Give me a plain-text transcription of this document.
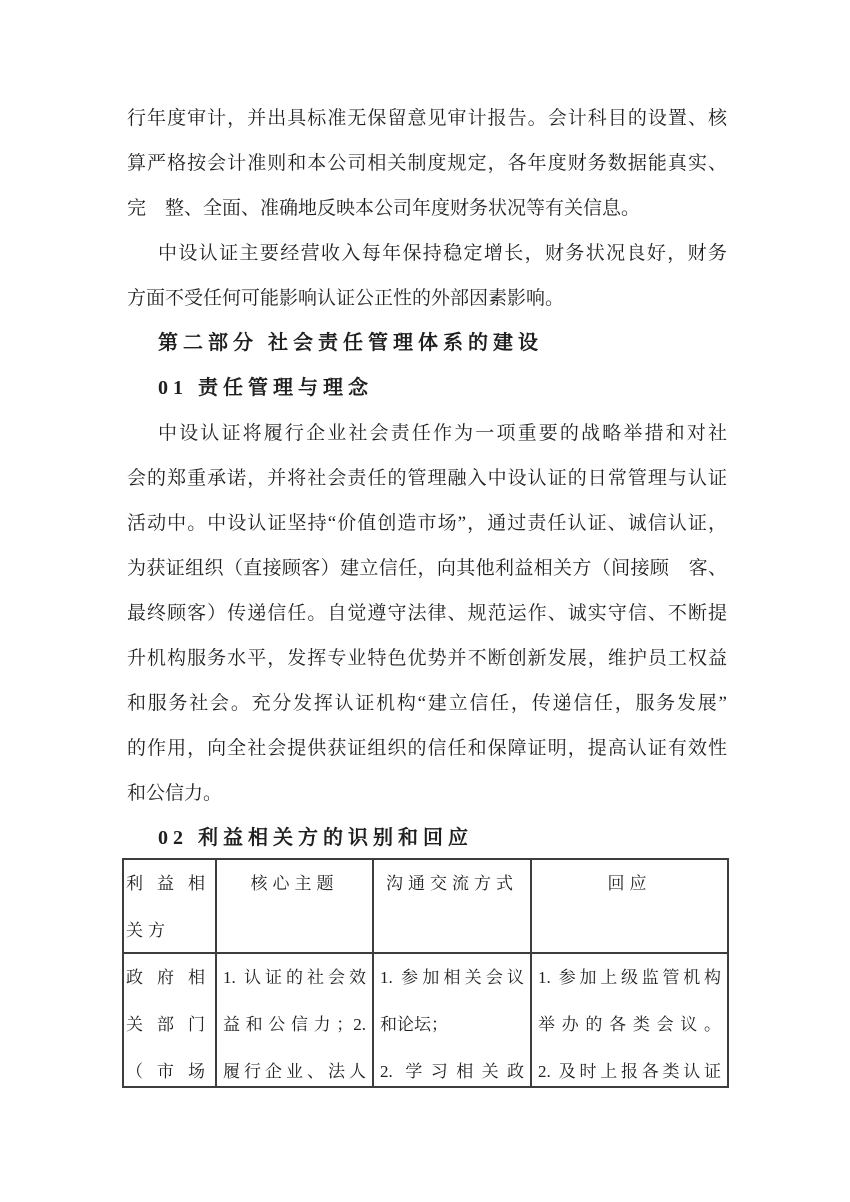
行年度审计，并出具标准无保留意见审计报告。会计科目的设置、核
算严格按会计准则和本公司相关制度规定，各年度财务数据能真实、
完　整、全面、准确地反映本公司年度财务状况等有关信息。
中设认证主要经营收入每年保持稳定增长，财务状况良好，财务
方面不受任何可能影响认证公正性的外部因素影响。
第二部分 社会责任管理体系的建设
01 责任管理与理念
中设认证将履行企业社会责任作为一项重要的战略举措和对社
会的郑重承诺，并将社会责任的管理融入中设认证的日常管理与认证
活动中。中设认证坚持“价值创造市场”，通过责任认证、诚信认证，
为获证组织（直接顾客）建立信任，向其他利益相关方（间接顾　客、
最终顾客）传递信任。自觉遵守法律、规范运作、诚实守信、不断提
升机构服务水平，发挥专业特色优势并不断创新发展，维护员工权益
和服务社会。充分发挥认证机构“建立信任，传递信任，服务发展”
的作用，向全社会提供获证组织的信任和保障证明，提高认证有效性
和公信力。
02 利益相关方的识别和回应
利益相
关方
核心主题	沟通交流方式	回应
政府相
关部门
（市场
1. 认证的社会效
益和公信力；2.
履行企业、法人
1. 参加相关会议
和论坛；
2. 学习相关政
1. 参加上级监管机构
举办的各类会议。
2. 及时上报各类认证
